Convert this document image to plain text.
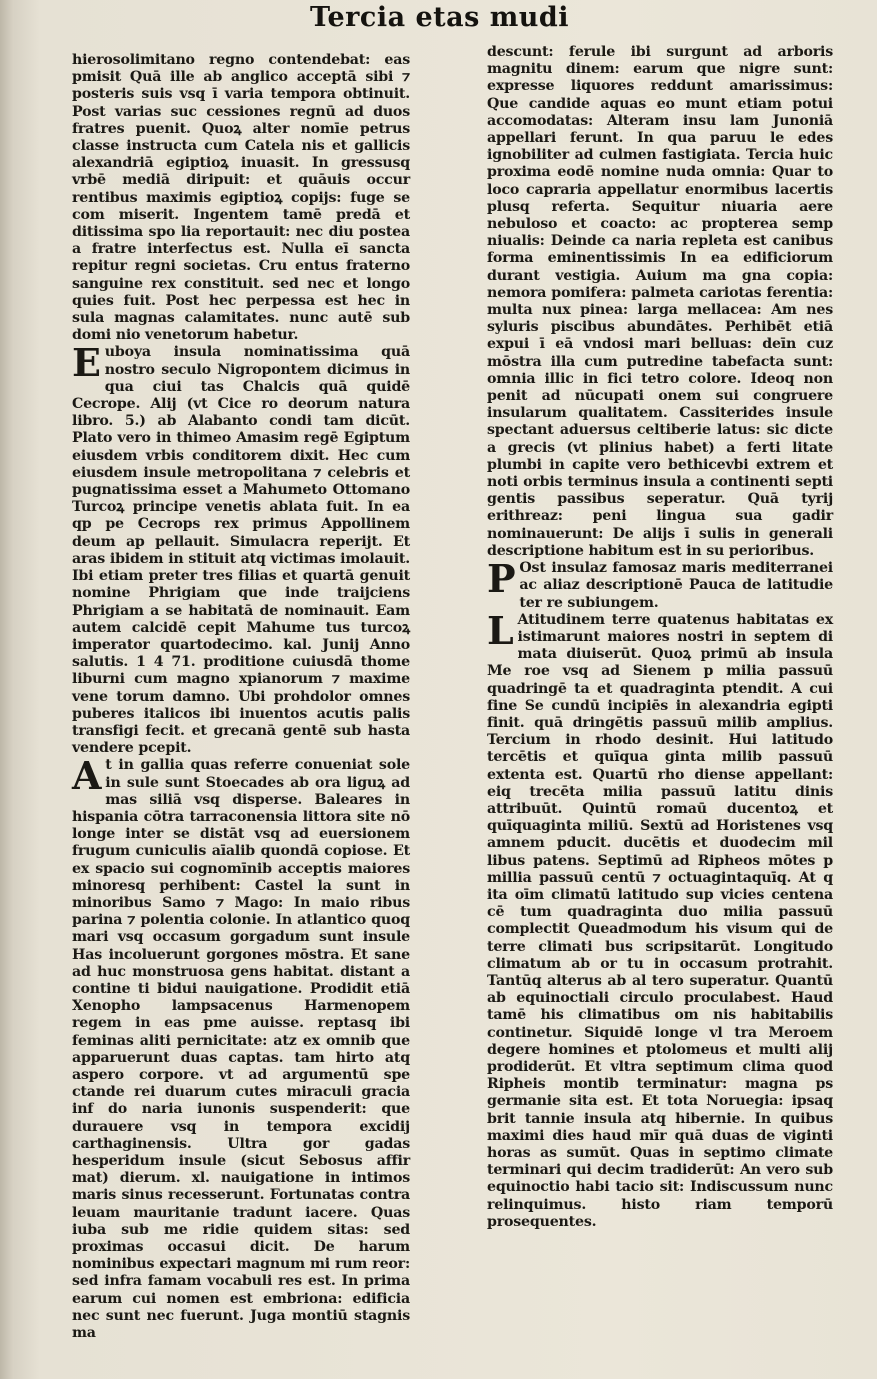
Tercia etas mudi

hierosolimitano regno contendebat: eas pmisit Quā ille ab anglico acceptā sibi ⁊ posteris suis vsq ī varia tempora obtinuit. Post varias suc cessiones regnū ad duos fratres puenit. Quoꝝ alter nomīe petrus classe instructa cum Catela nis et gallicis alexandriā egiptioꝝ inuasit. In gressusq vrbē mediā diripuit: et quāuis occur rentibus maximis egiptioꝝ copijs: fuge se com miserit. Ingentem tamē predā et ditissima spo lia reportauit: nec diu postea a fratre interfectus est. Nulla eī sancta repitur regni societas. Cru entus fraterno sanguine rex constituit. sed nec et longo quies fuit. Post hec perpessa est hec in sula magnas calamitates. nunc autē sub domi nio venetorum habetur.

E uboya insula nominatissima quā nostro seculo Nigropontem dicimus in qua ciui tas Chalcis quā quidē Cecrope. Alij (vt Cice ro deorum natura libro. 5.) ab Alabanto condi tam dicūt. Plato vero in thimeo Amasim regē Egiptum eiusdem vrbis conditorem dixit. Hec cum eiusdem insule metropolitana ⁊ celebris et pugnatissima esset a Mahumeto Ottomano Turcoꝝ principe venetis ablata fuit. In ea qp pe Cecrops rex primus Appollinem deum ap pellauit. Simulacra reperijt. Et aras ibidem in stituit atq victimas imolauit. Ibi etiam preter tres filias et quartā genuit nomine Phrigiam que inde traijciens Phrigiam a se habitatā de nominauit. Eam autem calcidē cepit Mahume tus turcoꝝ imperator quartodecimo. kal. Junij Anno salutis. 1 4 71. proditione cuiusdā thome liburni cum magno xpianorum ⁊ maxime vene torum damno. Ubi prohdolor omnes puberes italicos ibi inuentos acutis palis transfigi fecit. et grecanā gentē sub hasta vendere pcepit.

A t in gallia quas referre conueniat sole in sule sunt Stoecades ab ora liguꝝ ad mas siliā vsq disperse. Baleares in hispania cōtra tarraconensia littora site nō longe inter se distāt vsq ad euersionem frugum cuniculis aīalib quondā copiose. Et ex spacio sui cognomīnib acceptis maiores minoresq perhibent: Castel la sunt in minoribus Samo ⁊ Mago: In maio ribus parina ⁊ polentia colonie. In atlantico quoq mari vsq occasum gorgadum sunt insule Has incoluerunt gorgones mōstra. Et sane ad huc monstruosa gens habitat. distant a contine ti bidui nauigatione. Prodidit etiā Xenopho lampsacenus Harmenopem regem in eas pme auisse. reptasq ibi feminas aliti pernicitate: atz ex omnib que apparuerunt duas captas. tam hirto atq aspero corpore. vt ad argumentū spe ctande rei duarum cutes miraculi gracia inf do naria iunonis suspenderit: que durauere vsq in tempora excidij carthaginensis. Ultra gor gadas hesperidum insule (sicut Sebosus affir mat) dierum. xl. nauigatione in intimos maris sinus recesserunt. Fortunatas contra leuam mauritanie tradunt iacere. Quas iuba sub me ridie quidem sitas: sed proximas occasui dicit. De harum nominibus expectari magnum mi rum reor: sed infra famam vocabuli res est. In prima earum cui nomen est embriona: edificia nec sunt nec fuerunt. Juga montiū stagnis ma

descunt: ferule ibi surgunt ad arboris magnitu dinem: earum que nigre sunt: expresse liquores reddunt amarissimus: Que candide aquas eo munt etiam potui accomodatas: Alteram insu lam Junoniā appellari ferunt. In qua paruu le edes ignobiliter ad culmen fastigiata. Tercia huic proxima eodē nomine nuda omnia: Quar to loco capraria appellatur enormibus lacertis plusq referta. Sequitur niuaria aere nebuloso et coacto: ac propterea semp niualis: Deinde ca naria repleta est canibus forma eminentissimis In ea edificiorum durant vestigia. Auium ma gna copia: nemora pomifera: palmeta cariotas ferentia: multa nux pinea: larga mellacea: Am nes syluris piscibus abundātes. Perhibēt etiā expui ī eā vndosi mari belluas: deīn cuz mōstra illa cum putredine tabefacta sunt: omnia illic in fici tetro colore. Ideoq non penit ad nūcupati onem sui congruere insularum qualitatem. Cassiterides insule spectant aduersus celtiberie latus: sic dicte a grecis (vt plinius habet) a ferti litate plumbi in capite vero bethicevbi extrem et noti orbis terminus insula a continenti septi gentis passibus seperatur. Quā tyrij erithreaz: peni lingua sua gadir nominauerunt: De alijs ī sulis in generali descriptione habitum est in su perioribus.

P Ost insulaz famosaz maris mediterranei ac aliaz descriptionē Pauca de latitudie ter re subiungem.

L Atitudinem terre quatenus habitatas ex istimarunt maiores nostri in septem di mata diuiserūt. Quoꝝ primū ab insula Me roe vsq ad Sienem p milia passuū quadringē ta et quadraginta ptendit. A cui fine Se cundū incipiēs in alexandria egipti finit. quā dringētis passuū milib amplius. Tercium in rhodo desinit. Hui latitudo tercētis et quīqua ginta milib passuū extenta est. Quartū rho diense appellant: eiq trecēta milia passuū latitu dinis attribuūt. Quintū romaū ducentoꝝ et quīquaginta miliū. Sextū ad Horistenes vsq amnem pducit. ducētis et duodecim mil libus patens. Septimū ad Ripheos mōtes p millia passuū centū ⁊ octuagintaquīq. At q ita oīm climatū latitudo sup vicies centena cē tum quadraginta duo milia passuū complectit Queadmodum his visum qui de terre climati bus scripsitarūt. Longitudo climatum ab or tu in occasum protrahit. Tantūq alterus ab al tero superatur. Quantū ab equinoctiali circulo proculabest. Haud tamē his climatibus om nis habitabilis continetur. Siquidē longe vl tra Meroem degere homines et ptolomeus et multi alij prodiderūt. Et vltra septimum clima quod Ripheis montib terminatur: magna ps germanie sita est. Et tota Noruegia: ipsaq brit tannie insula atq hibernie. In quibus maximi dies haud mīr quā duas de viginti horas as sumūt. Quas in septimo climate terminari qui decim tradiderūt: An vero sub equinoctio habi tacio sit: Indiscussum nunc relinquimus. histo riam temporū prosequentes.
